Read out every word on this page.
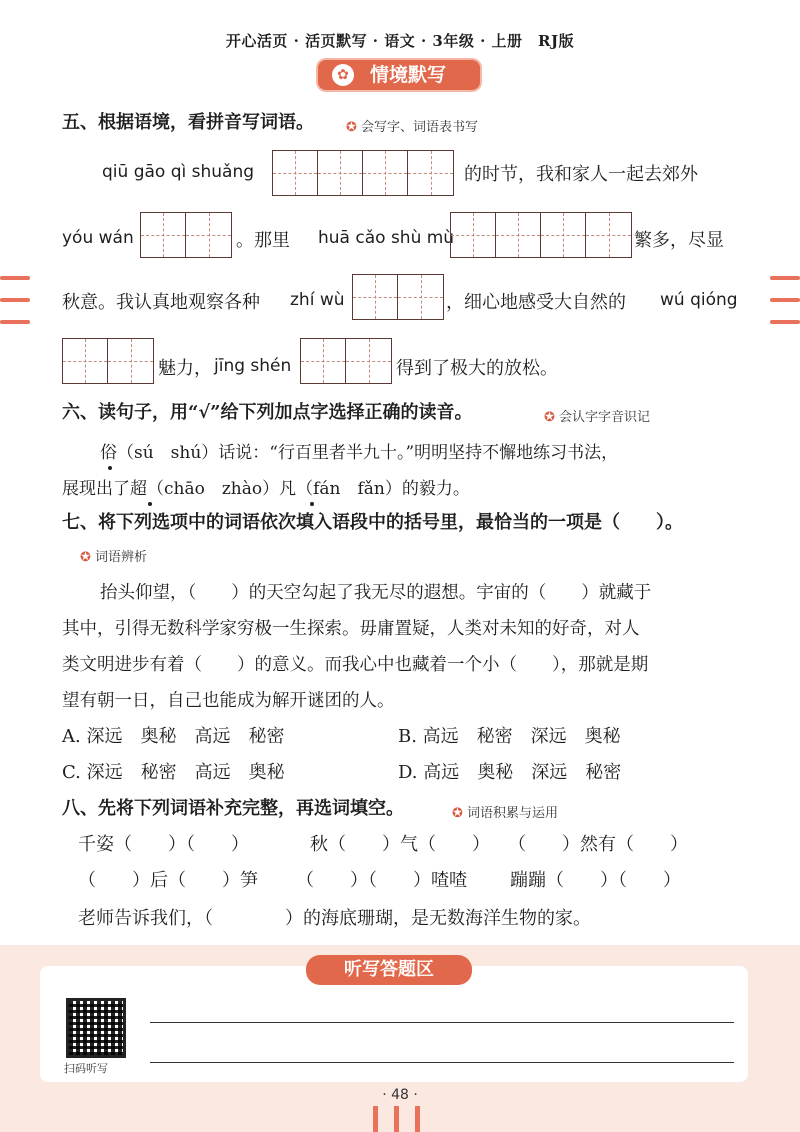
开心活页 · 活页默写 · 语文 · 3年级 · 上册　RJ版
✿ 情境默写
五、根据语境，看拼音写词语。 ✪ 会写字、词语表书写
qiū gāo qì shuǎng	的时节，我和家人一起去郊外
yóu wán	。那里 huā cǎo shù mù	繁多，尽显
秋意。我认真地观察各种 zhí wù	，细心地感受大自然的 wú qióng
魅力， jīng shén	得到了极大的放松。
六、读句子，用“√”给下列加点字选择正确的读音。	✪ 会认字字音识记
俗（sú　shú）话说：“行百里者半九十。”明明坚持不懈地练习书法，
展现出了超（chāo　zhào）凡（fán　fǎn）的毅力。
七、将下列选项中的词语依次填入语段中的括号里，最恰当的一项是（　　）。
✪ 词语辨析
抬头仰望，（　　）的天空勾起了我无尽的遐想。宇宙的（　　）就藏于
其中，引得无数科学家穷极一生探索。毋庸置疑，人类对未知的好奇，对人
类文明进步有着（　　）的意义。而我心中也藏着一个小（　　），那就是期
望有朝一日，自己也能成为解开谜团的人。
A. 深远　奥秘　高远　秘密	B. 高远　秘密　深远　奥秘
C. 深远　秘密　高远　奥秘	D. 高远　奥秘　深远　秘密
八、先将下列词语补充完整，再选词填空。	✪ 词语积累与运用
千姿（　　）（　　）	秋（　　）气（　　） （　　）然有（　　）
（　　）后（　　）笋 （　　）（　　）喳喳 蹦蹦（　　）（　　）
老师告诉我们，（　　　　）的海底珊瑚，是无数海洋生物的家。
听写答题区
扫码听写
· 48 ·
